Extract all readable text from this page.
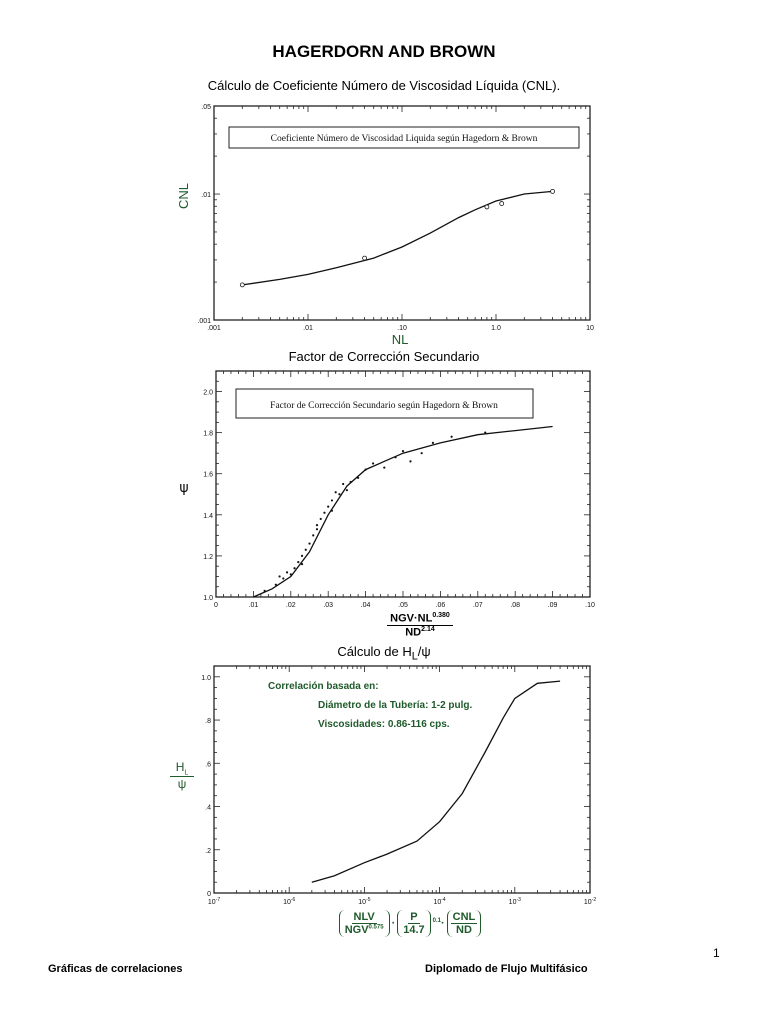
HAGERDORN AND BROWN
Cálculo de Coeficiente Número de Viscosidad Líquida (CNL).
.001	.01	.10	1.0	10
.001
.01
.05
NL
CNL
Coeficiente Número de Viscosidad Liquida según Hagedorn & Brown
0	.01	.02	.03	.04	.05	.06	.07	.08	.09	.10
1.0
1.2
1.4
1.6
1.8
2.0
ψ
Factor de Corrección Secundario según Hagedorn & Brown
$10^{-7}$	$10^{-6}$	$10^{-5}$	$10^{-4}$	$10^{-3}$	$10^{-2}$
0
.2
.4
.6
.8
1.0
Factor de Corrección Secundario
Cálculo de $H_L/\psi$
$NGV\cdot NL^{0.380}$
$ND^{2.14}$
$H_L$
ψ
Correlación basada en:
Diámetro de la Tubería: 1-2 pulg.
Viscosidades: 0.86-116 cps.
$\frac{\text{NLV}}{NGV^{0.575}} \cdot \frac{P}{14.7} ^{0.1}\cdot \frac{\text{CNL}}{ND}$
1
Gráficas de correlaciones	Diplomado de Flujo Multifásico
